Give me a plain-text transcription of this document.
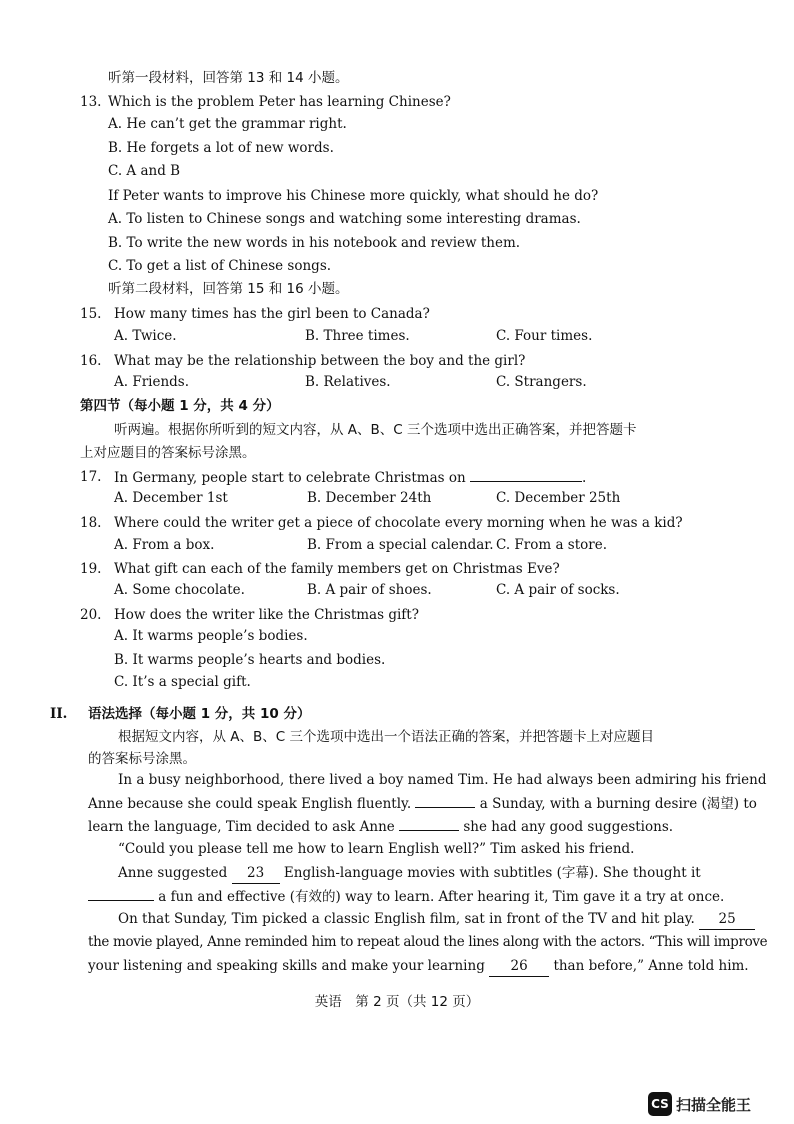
听第一段材料，回答第 13 和 14 小题。
13. Which is the problem Peter has learning Chinese?
A. He can’t get the grammar right.
B. He forgets a lot of new words.
C. A and B
If Peter wants to improve his Chinese more quickly, what should he do?
A. To listen to Chinese songs and watching some interesting dramas.
B. To write the new words in his notebook and review them.
C. To get a list of Chinese songs.
听第二段材料，回答第 15 和 16 小题。
15. How many times has the girl been to Canada?
A. Twice.	B. Three times.	C. Four times.
16. What may be the relationship between the boy and the girl?
A. Friends.	B. Relatives.	C. Strangers.
第四节（每小题 1 分，共 4 分）
听两遍。根据你所听到的短文内容，从 A、B、C 三个选项中选出正确答案，并把答题卡
上对应题目的答案标号涂黑。
17. In Germany, people start to celebrate Christmas on	.
A. December 1st	B. December 24th	C. December 25th
18. Where could the writer get a piece of chocolate every morning when he was a kid?
A. From a box.	B. From a special calendar. C. From a store.
19. What gift can each of the family members get on Christmas Eve?
A. Some chocolate.	B. A pair of shoes.	C. A pair of socks.
20. How does the writer like the Christmas gift?
A. It warms people’s bodies.
B. It warms people’s hearts and bodies.
C. It’s a special gift.
II. 语法选择（每小题 1 分，共 10 分）
根据短文内容，从 A、B、C 三个选项中选出一个语法正确的答案，并把答题卡上对应题目
的答案标号涂黑。
In a busy neighborhood, there lived a boy named Tim. He had always been admiring his friend
Anne because she could speak English fluently.	a Sunday, with a burning desire (渴望) to
learn the language, Tim decided to ask Anne	she had any good suggestions.
“Could you please tell me how to learn English well?” Tim asked his friend.
Anne suggested 23 English-language movies with subtitles (字幕). She thought it
a fun and effective (有效的) way to learn. After hearing it, Tim gave it a try at once.
On that Sunday, Tim picked a classic English film, sat in front of the TV and hit play. 25
the movie played, Anne reminded him to repeat aloud the lines along with the actors. “This will improve
your listening and speaking skills and make your learning 26 than before,” Anne told him.
英语　第 2 页（共 12 页）
CS 扫描全能王
